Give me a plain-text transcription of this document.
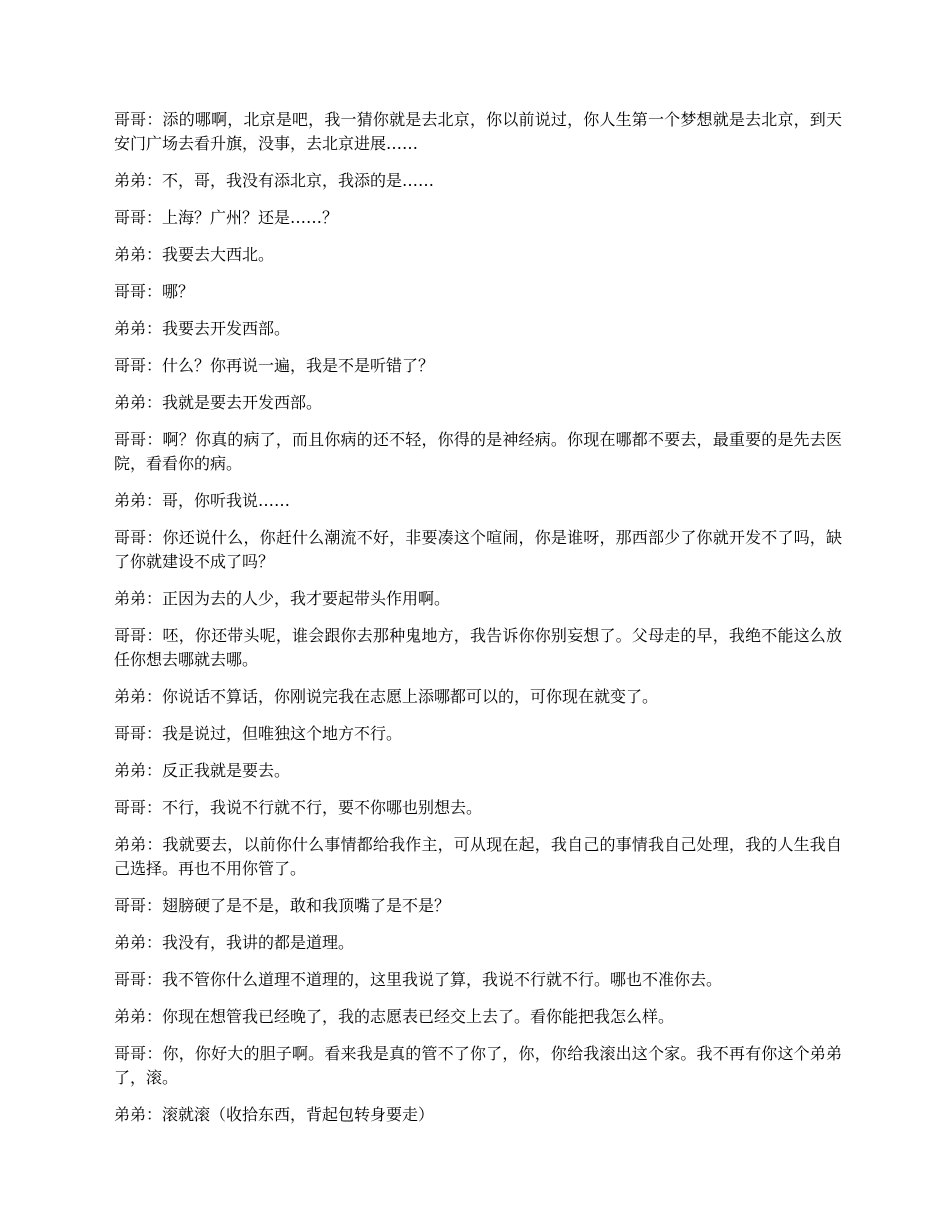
哥哥：添的哪啊，北京是吧，我一猜你就是去北京，你以前说过，你人生第一个梦想就是去北京，到天安门广场去看升旗，没事，去北京进展……

弟弟：不，哥，我没有添北京，我添的是……

哥哥：上海？广州？还是……？

弟弟：我要去大西北。

哥哥：哪？

弟弟：我要去开发西部。

哥哥：什么？你再说一遍，我是不是听错了？

弟弟：我就是要去开发西部。

哥哥：啊？你真的病了，而且你病的还不轻，你得的是神经病。你现在哪都不要去，最重要的是先去医院，看看你的病。

弟弟：哥，你听我说……

哥哥：你还说什么，你赶什么潮流不好，非要凑这个喧闹，你是谁呀，那西部少了你就开发不了吗，缺了你就建设不成了吗？

弟弟：正因为去的人少，我才要起带头作用啊。

哥哥：呸，你还带头呢，谁会跟你去那种鬼地方，我告诉你你别妄想了。父母走的早，我绝不能这么放任你想去哪就去哪。

弟弟：你说话不算话，你刚说完我在志愿上添哪都可以的，可你现在就变了。

哥哥：我是说过，但唯独这个地方不行。

弟弟：反正我就是要去。

哥哥：不行，我说不行就不行，要不你哪也别想去。

弟弟：我就要去，以前你什么事情都给我作主，可从现在起，我自己的事情我自己处理，我的人生我自己选择。再也不用你管了。

哥哥：翅膀硬了是不是，敢和我顶嘴了是不是？

弟弟：我没有，我讲的都是道理。

哥哥：我不管你什么道理不道理的，这里我说了算，我说不行就不行。哪也不准你去。

弟弟：你现在想管我已经晚了，我的志愿表已经交上去了。看你能把我怎么样。

哥哥：你，你好大的胆子啊。看来我是真的管不了你了，你，你给我滚出这个家。我不再有你这个弟弟了，滚。

弟弟：滚就滚（收拾东西，背起包转身要走）
